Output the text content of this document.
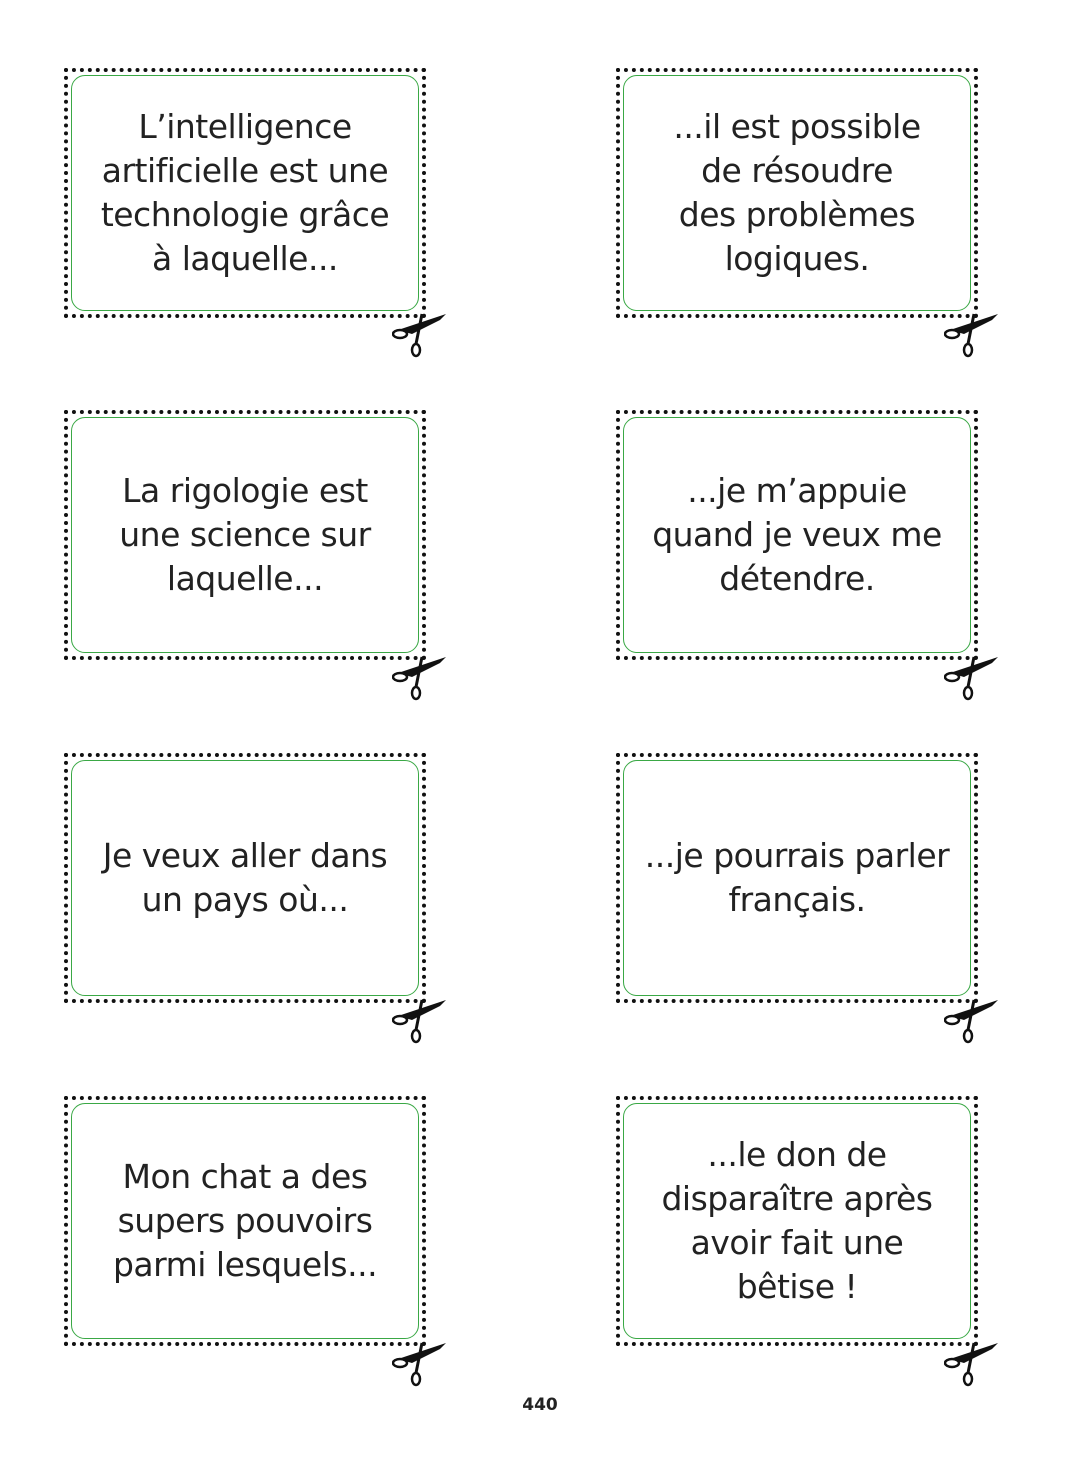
L’intelligence
artificielle est une
technologie grâce
à laquelle...
...il est possible
de résoudre
des problèmes
logiques.
La rigologie est
une science sur
laquelle...
...je m’appuie
quand je veux me
détendre.
Je veux aller dans
un pays où...
...je pourrais parler
français.
Mon chat a des
supers pouvoirs
parmi lesquels...
...le don de
disparaître après
avoir fait une
bêtise !
440
